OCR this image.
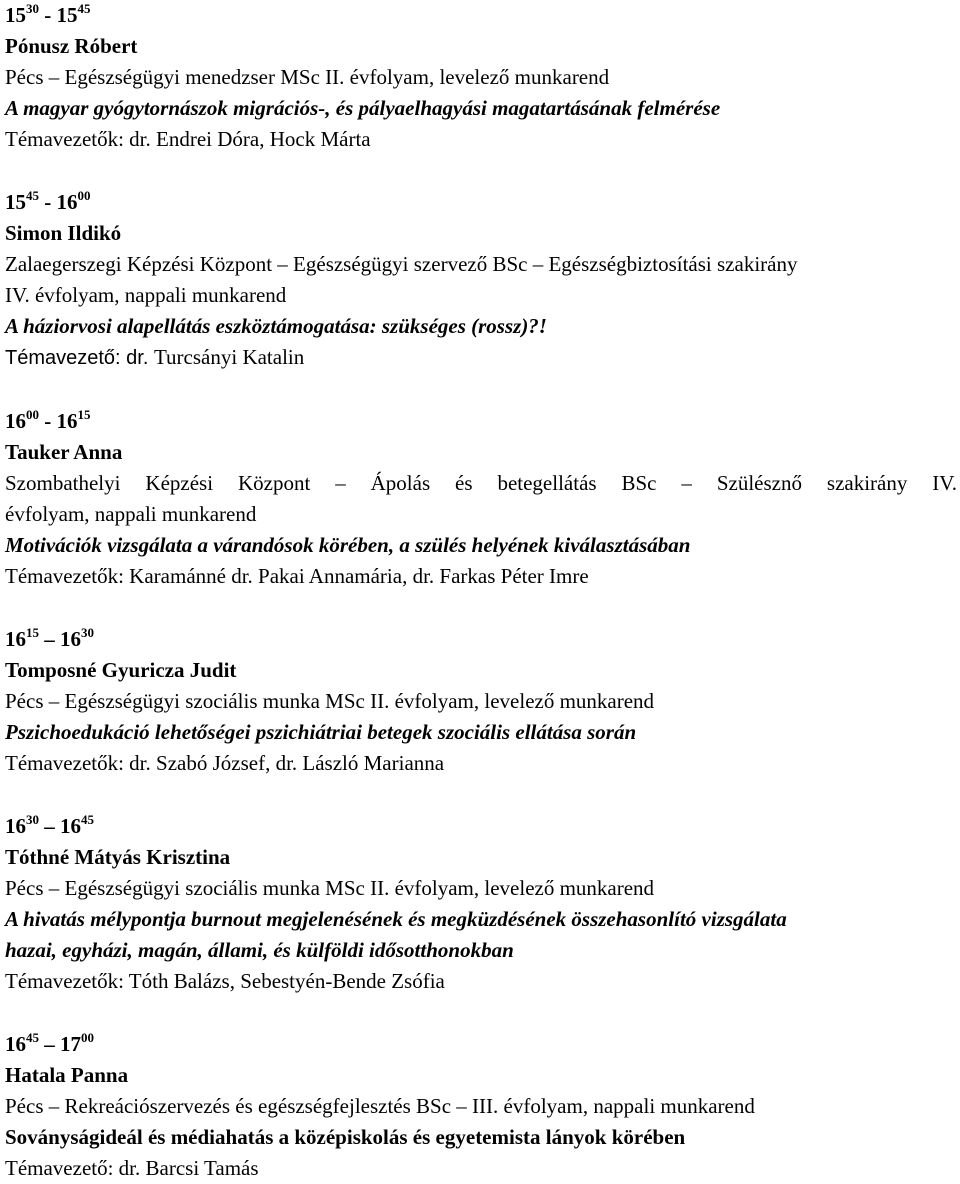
$15^{30} - 15^{45}$
Pónusz Róbert
Pécs – Egészségügyi menedzser MSc II. évfolyam, levelező munkarend
A magyar gyógytornászok migrációs-, és pályaelhagyási magatartásának felmérése
Témavezetők: dr. Endrei Dóra, Hock Márta
$15^{45} - 16^{00}$
Simon Ildikó
Zalaegerszegi Képzési Központ – Egészségügyi szervező BSc – Egészségbiztosítási szakirány
IV. évfolyam, nappali munkarend
A háziorvosi alapellátás eszköztámogatása: szükséges (rossz)?!
Témavezető: dr. Turcsányi Katalin
$16^{00} - 16^{15}$
Tauker Anna
Szombathelyi Képzési Központ – Ápolás és betegellátás BSc – Szülésznő szakirány IV.
évfolyam, nappali munkarend
Motivációk vizsgálata a várandósok körében, a szülés helyének kiválasztásában
Témavezetők: Karamánné dr. Pakai Annamária, dr. Farkas Péter Imre
$16^{15} - 16^{30}$
Tomposné Gyuricza Judit
Pécs – Egészségügyi szociális munka MSc II. évfolyam, levelező munkarend
Pszichoedukáció lehetőségei pszichiátriai betegek szociális ellátása során
Témavezetők: dr. Szabó József, dr. László Marianna
$16^{30} - 16^{45}$
Tóthné Mátyás Krisztina
Pécs – Egészségügyi szociális munka MSc II. évfolyam, levelező munkarend
A hivatás mélypontja burnout megjelenésének és megküzdésének összehasonlító vizsgálata
hazai, egyházi, magán, állami, és külföldi idősotthonokban
Témavezetők: Tóth Balázs, Sebestyén-Bende Zsófia
$16^{45} - 17^{00}$
Hatala Panna
Pécs – Rekreációszervezés és egészségfejlesztés BSc – III. évfolyam, nappali munkarend
Soványságideál és médiahatás a középiskolás és egyetemista lányok körében
Témavezető: dr. Barcsi Tamás
